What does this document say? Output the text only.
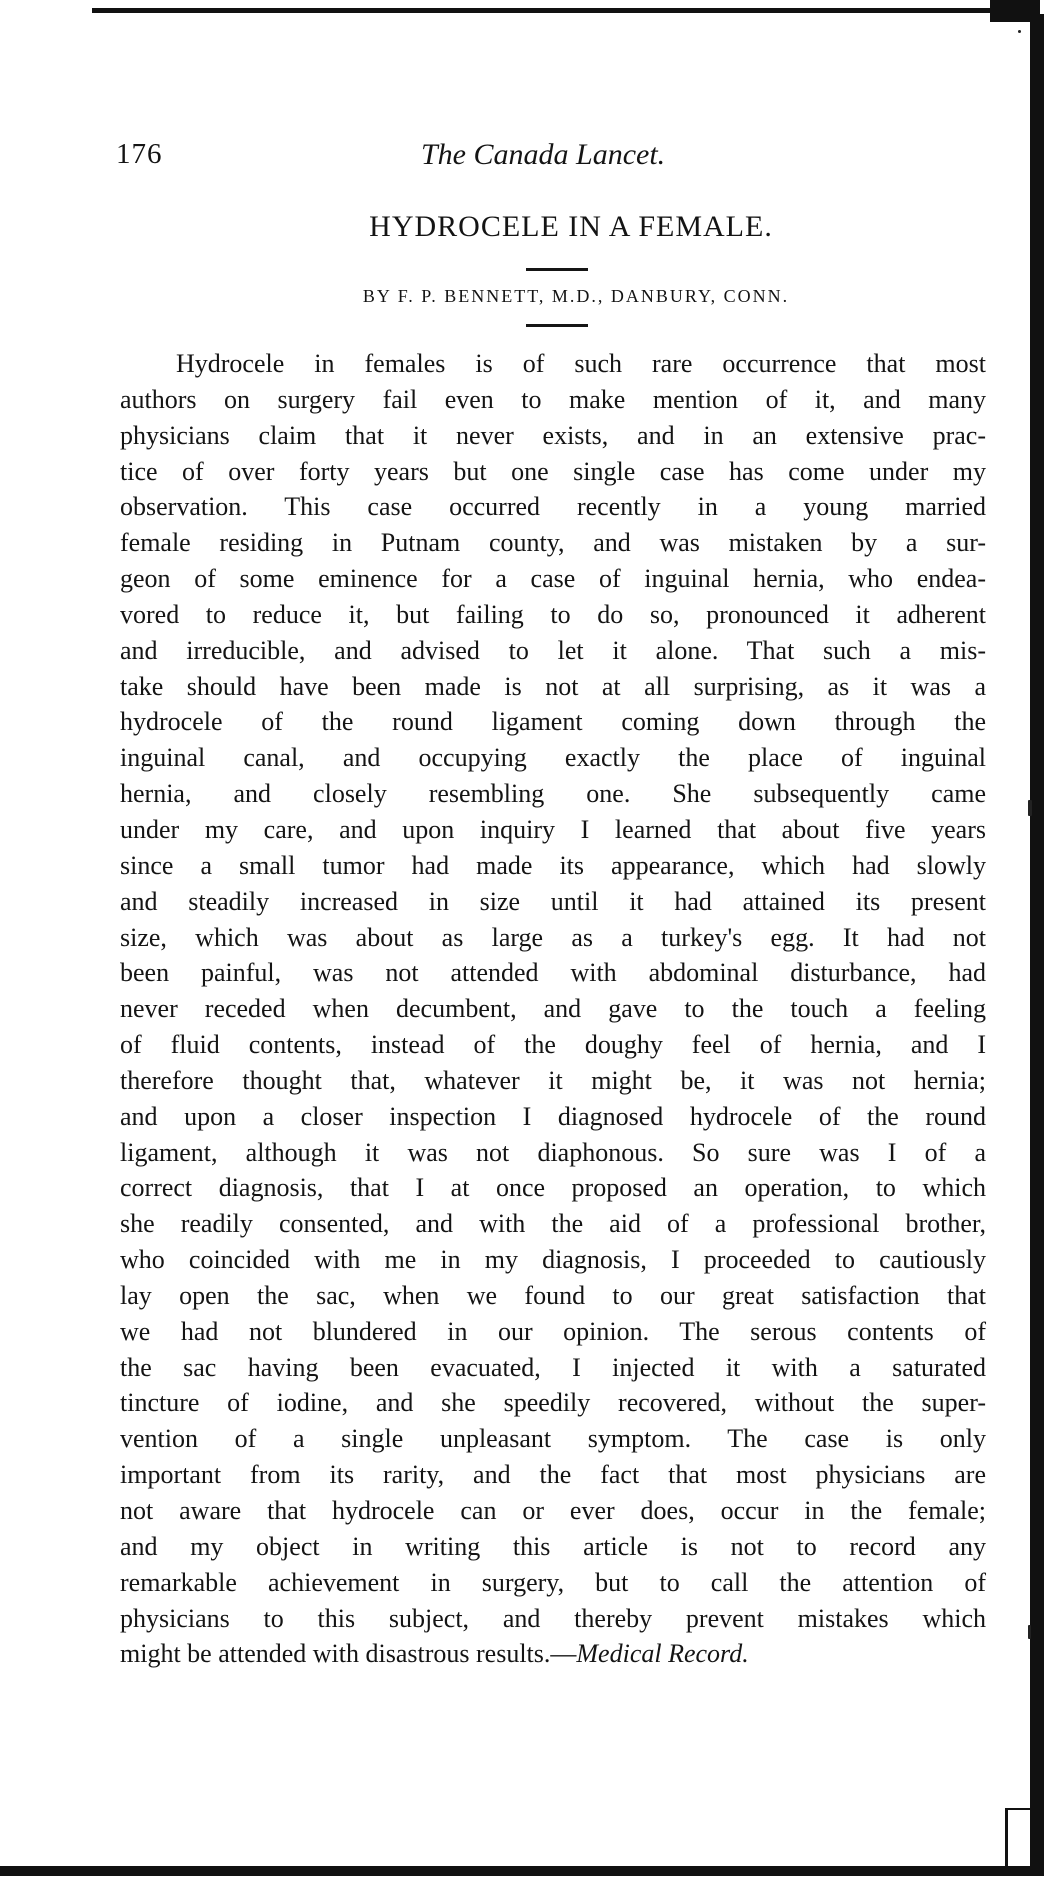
176	The Canada Lancet.
HYDROCELE IN A FEMALE.
BY F. P. BENNETT, M.D., DANBURY, CONN.
Hydrocele in females is of such rare occurrence that most
authors on surgery fail even to make mention of it, and many
physicians claim that it never exists, and in an extensive prac-
tice of over forty years but one single case has come under my
observation. This case occurred recently in a young married
female residing in Putnam county, and was mistaken by a sur-
geon of some eminence for a case of inguinal hernia, who endea-
vored to reduce it, but failing to do so, pronounced it adherent
and irreducible, and advised to let it alone. That such a mis-
take should have been made is not at all surprising, as it was a
hydrocele of the round ligament coming down through the
inguinal canal, and occupying exactly the place of inguinal
hernia, and closely resembling one. She subsequently came
under my care, and upon inquiry I learned that about five years
since a small tumor had made its appearance, which had slowly
and steadily increased in size until it had attained its present
size, which was about as large as a turkey's egg. It had not
been painful, was not attended with abdominal disturbance, had
never receded when decumbent, and gave to the touch a feeling
of fluid contents, instead of the doughy feel of hernia, and I
therefore thought that, whatever it might be, it was not hernia;
and upon a closer inspection I diagnosed hydrocele of the round
ligament, although it was not diaphonous. So sure was I of a
correct diagnosis, that I at once proposed an operation, to which
she readily consented, and with the aid of a professional brother,
who coincided with me in my diagnosis, I proceeded to cautiously
lay open the sac, when we found to our great satisfaction that
we had not blundered in our opinion. The serous contents of
the sac having been evacuated, I injected it with a saturated
tincture of iodine, and she speedily recovered, without the super-
vention of a single unpleasant symptom. The case is only
important from its rarity, and the fact that most physicians are
not aware that hydrocele can or ever does, occur in the female;
and my object in writing this article is not to record any
remarkable achievement in surgery, but to call the attention of
physicians to this subject, and thereby prevent mistakes which
might be attended with disastrous results.—Medical Record.
